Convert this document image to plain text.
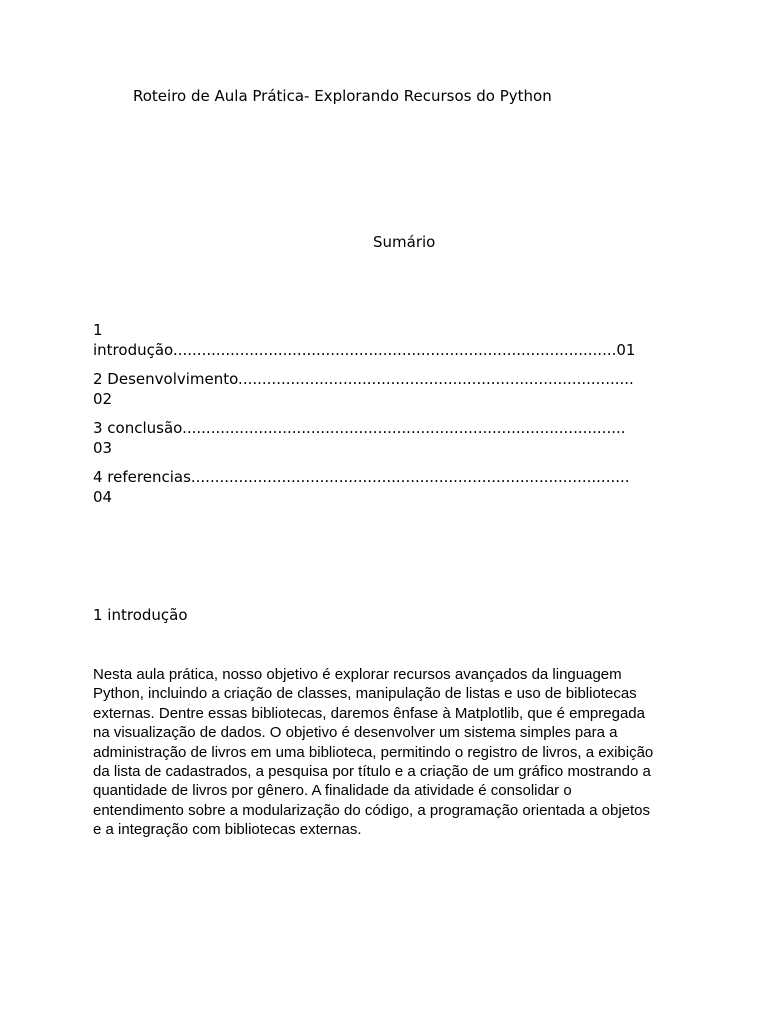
Roteiro de Aula Prática- Explorando Recursos do Python
Sumário
1
introdução.............................................................................................01
2 Desenvolvimento...................................................................................
02
3 conclusão.............................................................................................
03
4 referencias............................................................................................
04
1 introdução
Nesta aula prática, nosso objetivo é explorar recursos avançados da linguagem
Python, incluindo a criação de classes, manipulação de listas e uso de bibliotecas
externas. Dentre essas bibliotecas, daremos ênfase à Matplotlib, que é empregada
na visualização de dados. O objetivo é desenvolver um sistema simples para a
administração de livros em uma biblioteca, permitindo o registro de livros, a exibição
da lista de cadastrados, a pesquisa por título e a criação de um gráfico mostrando a
quantidade de livros por gênero. A finalidade da atividade é consolidar o
entendimento sobre a modularização do código, a programação orientada a objetos
e a integração com bibliotecas externas.
